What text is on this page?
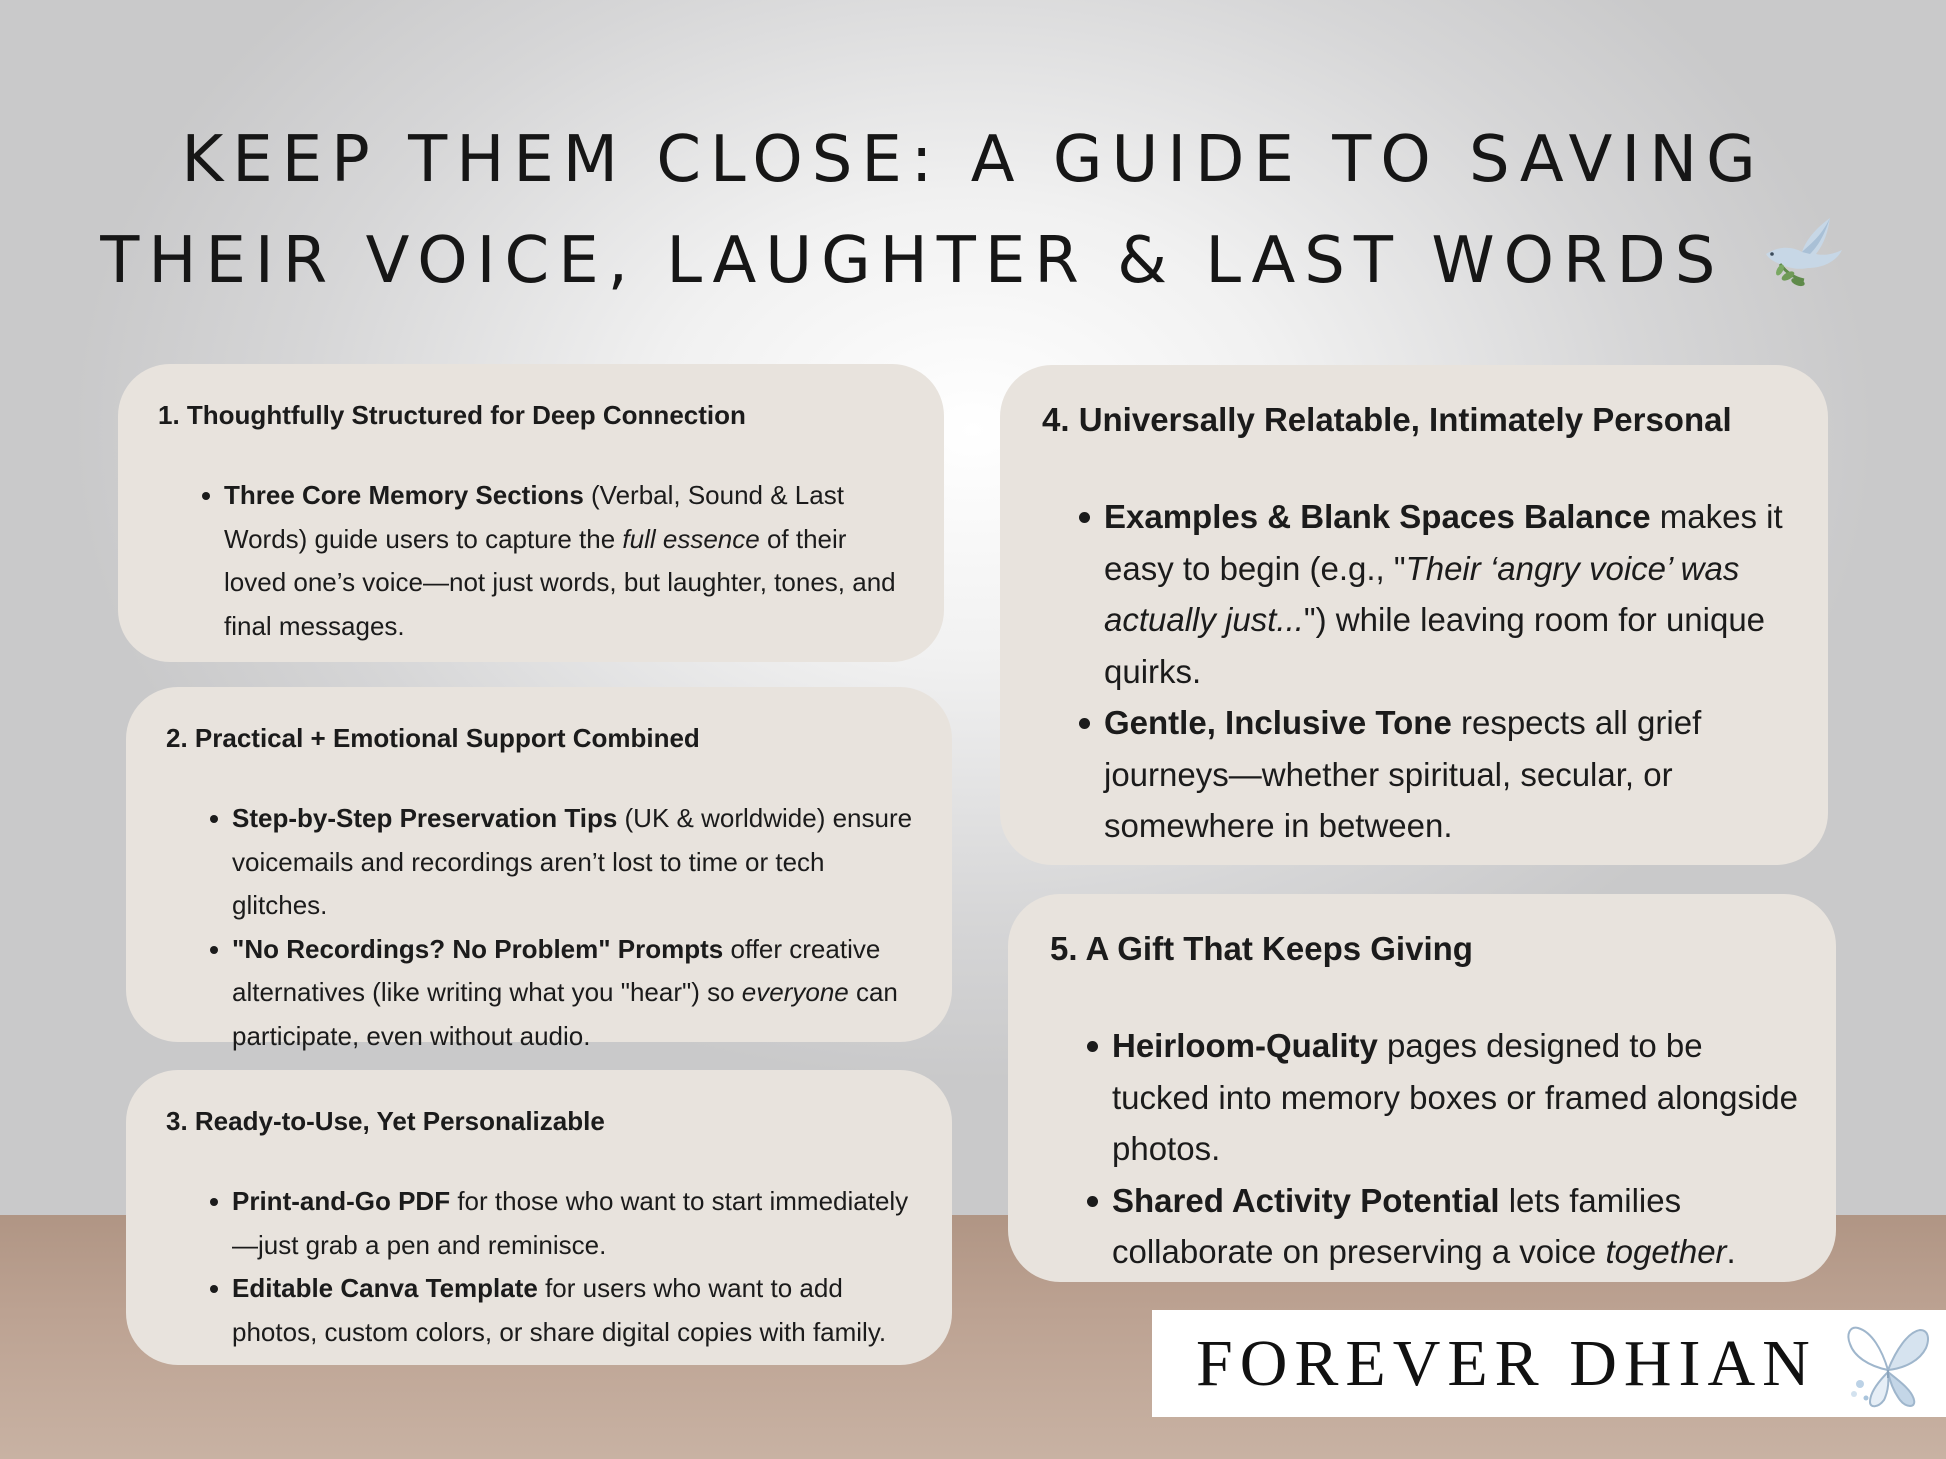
KEEP THEM CLOSE: A GUIDE TO SAVING
THEIR VOICE, LAUGHTER & LAST WORDS
1. Thoughtfully Structured for Deep Connection
Three Core Memory Sections (Verbal, Sound & Last Words) guide users to capture the full essence of their loved one’s voice—not just words, but laughter, tones, and final messages.
2. Practical + Emotional Support Combined
Step-by-Step Preservation Tips (UK & worldwide) ensure voicemails and recordings aren’t lost to time or tech glitches.
"No Recordings? No Problem" Prompts offer creative alternatives (like writing what you "hear") so everyone can participate, even without audio.
3. Ready-to-Use, Yet Personalizable
Print-and-Go PDF for those who want to start immediately—just grab a pen and reminisce.
Editable Canva Template for users who want to add photos, custom colors, or share digital copies with family.
4. Universally Relatable, Intimately Personal
Examples & Blank Spaces Balance makes it easy to begin (e.g., "Their ‘angry voice’ was actually just...") while leaving room for unique quirks.
Gentle, Inclusive Tone respects all grief journeys—whether spiritual, secular, or somewhere in between.
5. A Gift That Keeps Giving
Heirloom-Quality pages designed to be tucked into memory boxes or framed alongside photos.
Shared Activity Potential lets families collaborate on preserving a voice together.

FOREVER DHIAN
